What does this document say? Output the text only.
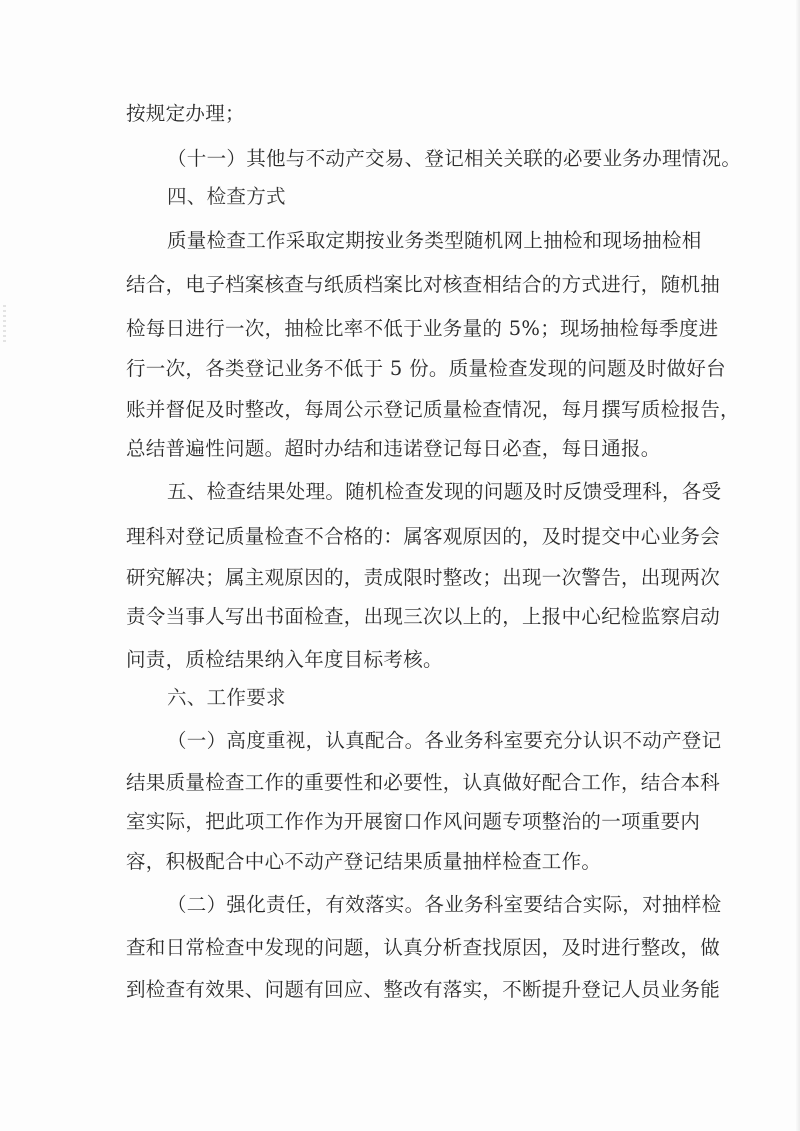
按规定办理；
（十一）其他与不动产交易、登记相关关联的必要业务办理情况。
四、检查方式
质量检查工作采取定期按业务类型随机网上抽检和现场抽检相
结合，电子档案核查与纸质档案比对核查相结合的方式进行，随机抽
检每日进行一次，抽检比率不低于业务量的 5%；现场抽检每季度进
行一次，各类登记业务不低于 5 份。质量检查发现的问题及时做好台
账并督促及时整改，每周公示登记质量检查情况，每月撰写质检报告，
总结普遍性问题。超时办结和违诺登记每日必查，每日通报。
五、检查结果处理。随机检查发现的问题及时反馈受理科，各受
理科对登记质量检查不合格的：属客观原因的，及时提交中心业务会
研究解决；属主观原因的，责成限时整改；出现一次警告，出现两次
责令当事人写出书面检查，出现三次以上的，上报中心纪检监察启动
问责，质检结果纳入年度目标考核。
六、工作要求
（一）高度重视，认真配合。各业务科室要充分认识不动产登记
结果质量检查工作的重要性和必要性，认真做好配合工作，结合本科
室实际，把此项工作作为开展窗口作风问题专项整治的一项重要内
容，积极配合中心不动产登记结果质量抽样检查工作。
（二）强化责任，有效落实。各业务科室要结合实际，对抽样检
查和日常检查中发现的问题，认真分析查找原因，及时进行整改，做
到检查有效果、问题有回应、整改有落实，不断提升登记人员业务能
